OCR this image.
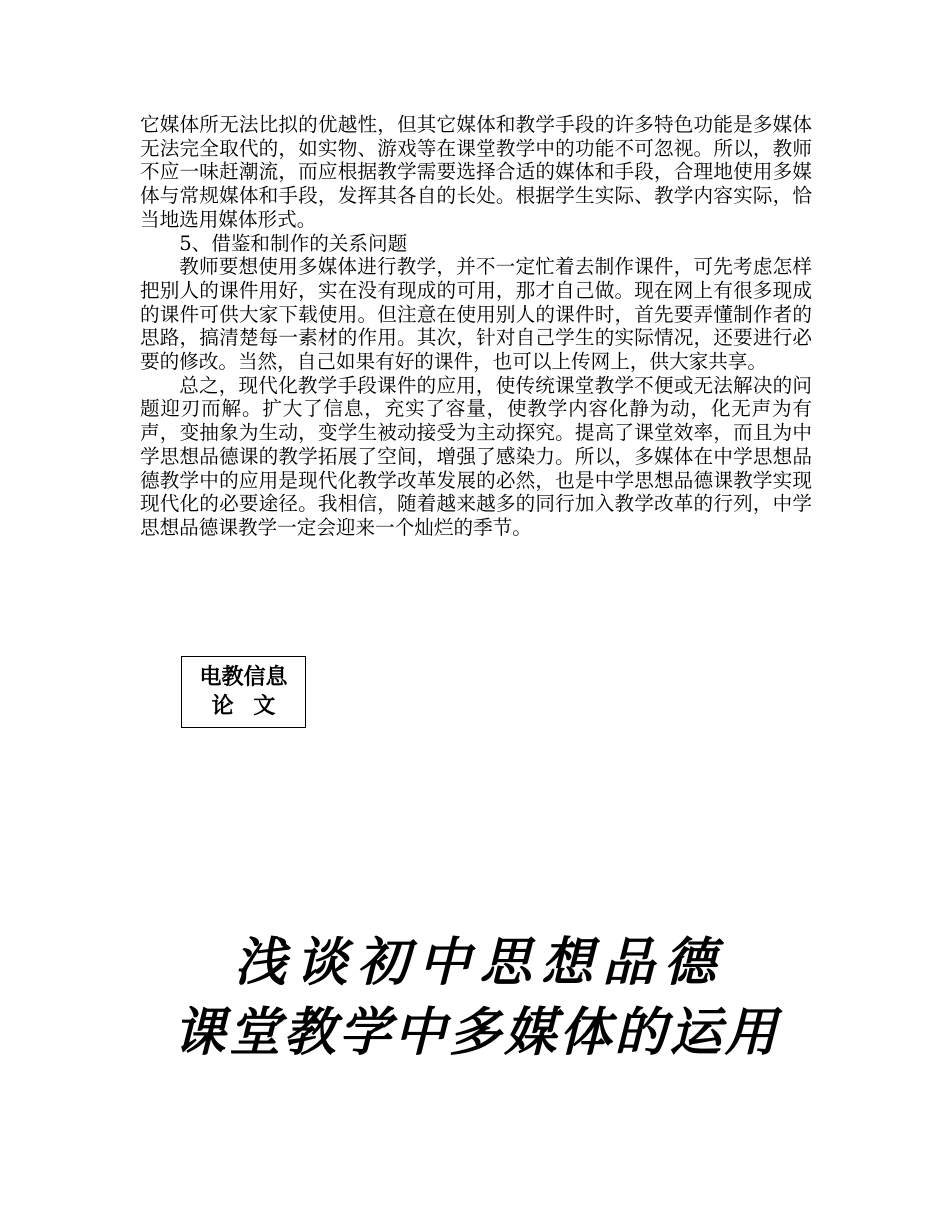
它媒体所无法比拟的优越性，但其它媒体和教学手段的许多特色功能是多媒体无法完全取代的，如实物、游戏等在课堂教学中的功能不可忽视。所以，教师不应一味赶潮流，而应根据教学需要选择合适的媒体和手段，合理地使用多媒体与常规媒体和手段，发挥其各自的长处。根据学生实际、教学内容实际，恰当地选用媒体形式。

5、借鉴和制作的关系问题

教师要想使用多媒体进行教学，并不一定忙着去制作课件，可先考虑怎样把别人的课件用好，实在没有现成的可用，那才自己做。现在网上有很多现成的课件可供大家下载使用。但注意在使用别人的课件时，首先要弄懂制作者的思路，搞清楚每一素材的作用。其次，针对自己学生的实际情况，还要进行必要的修改。当然，自己如果有好的课件，也可以上传网上，供大家共享。

总之，现代化教学手段课件的应用，使传统课堂教学不便或无法解决的问题迎刃而解。扩大了信息，充实了容量，使教学内容化静为动，化无声为有声，变抽象为生动，变学生被动接受为主动探究。提高了课堂效率，而且为中学思想品德课的教学拓展了空间，增强了感染力。所以，多媒体在中学思想品德教学中的应用是现代化教学改革发展的必然，也是中学思想品德课教学实现现代化的必要途径。我相信，随着越来越多的同行加入教学改革的行列，中学思想品德课教学一定会迎来一个灿烂的季节。

电教信息
论文
浅谈初中思想品德
课堂教学中多媒体的运用
